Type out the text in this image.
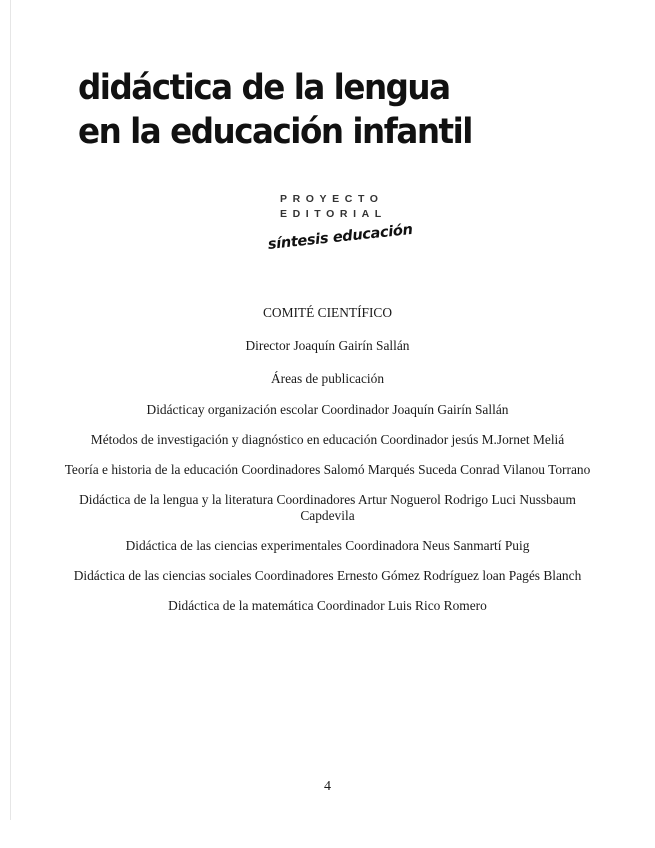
didáctica de la lengua
en la educación infantil
PROYECTO
EDITORIAL
síntesis educación

COMITÉ CIENTÍFICO

Director Joaquín Gairín Sallán

Áreas de publicación

Didácticay organización escolar Coordinador Joaquín Gairín Sallán

Métodos de investigación y diagnóstico en educación Coordinador jesús M.Jornet Meliá

Teoría e historia de la educación Coordinadores Salomó Marqués Suceda Conrad Vilanou Torrano

Didáctica de la lengua y la literatura Coordinadores Artur Noguerol Rodrigo Luci Nussbaum Capdevila

Didáctica de las ciencias experimentales Coordinadora Neus Sanmartí Puig

Didáctica de las ciencias sociales Coordinadores Ernesto Gómez Rodríguez loan Pagés Blanch

Didáctica de la matemática Coordinador Luis Rico Romero

4
